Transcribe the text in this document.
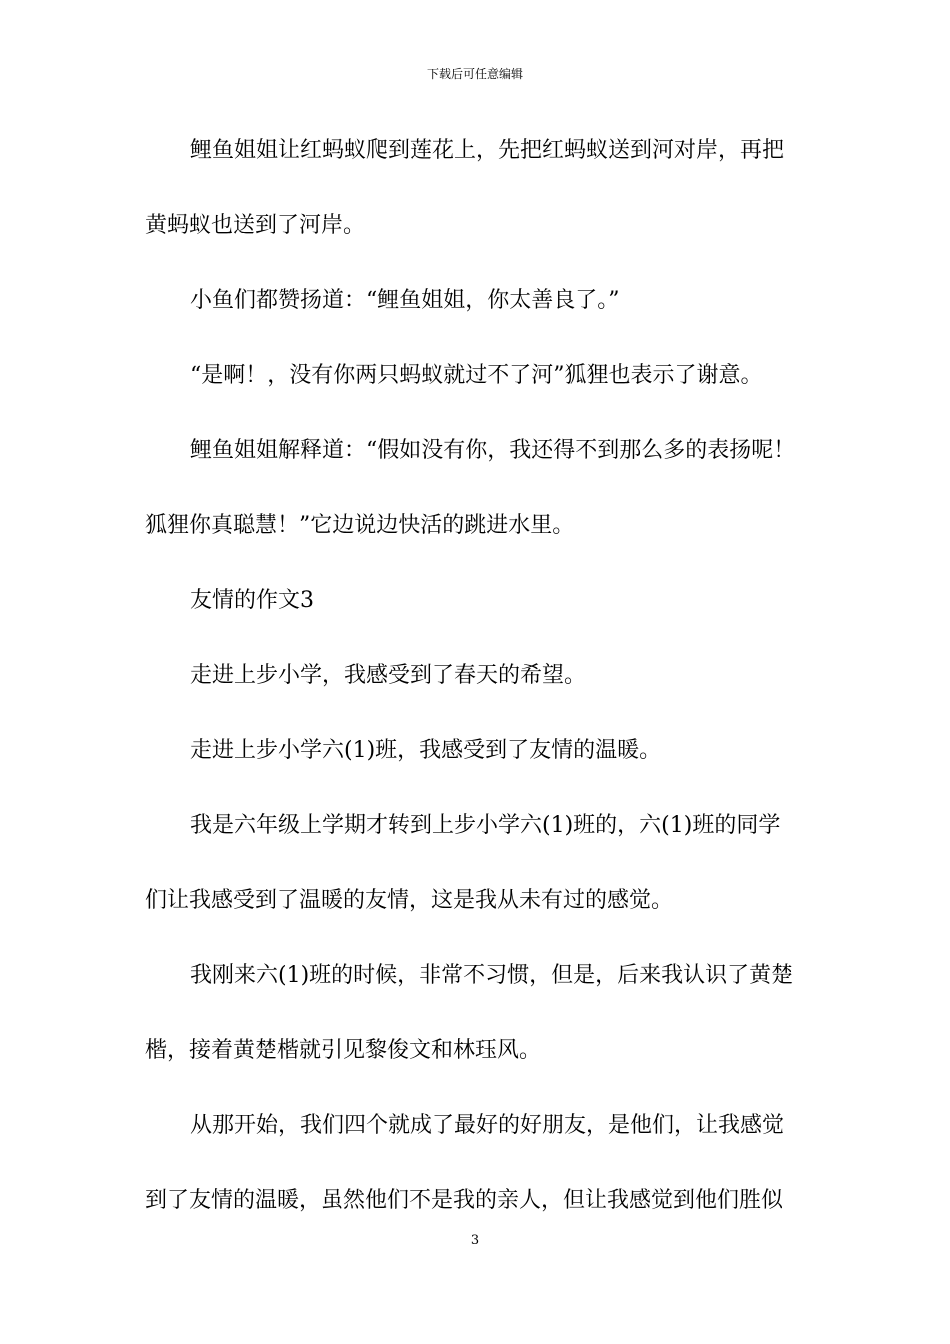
下载后可任意编辑
鲤鱼姐姐让红蚂蚁爬到莲花上，先把红蚂蚁送到河对岸，再把
黄蚂蚁也送到了河岸。
小鱼们都赞扬道：“鲤鱼姐姐，你太善良了。”
“是啊！，没有你两只蚂蚁就过不了河”狐狸也表示了谢意。
鲤鱼姐姐解释道：“假如没有你，我还得不到那么多的表扬呢！
狐狸你真聪慧！”它边说边快活的跳进水里。
友情的作文3
走进上步小学，我感受到了春天的希望。
走进上步小学六(1)班，我感受到了友情的温暖。
我是六年级上学期才转到上步小学六(1)班的，六(1)班的同学
们让我感受到了温暖的友情，这是我从未有过的感觉。
我刚来六(1)班的时候，非常不习惯，但是，后来我认识了黄楚
楷，接着黄楚楷就引见黎俊文和林珏风。
从那开始，我们四个就成了最好的好朋友，是他们，让我感觉
到了友情的温暖，虽然他们不是我的亲人，但让我感觉到他们胜似
3
